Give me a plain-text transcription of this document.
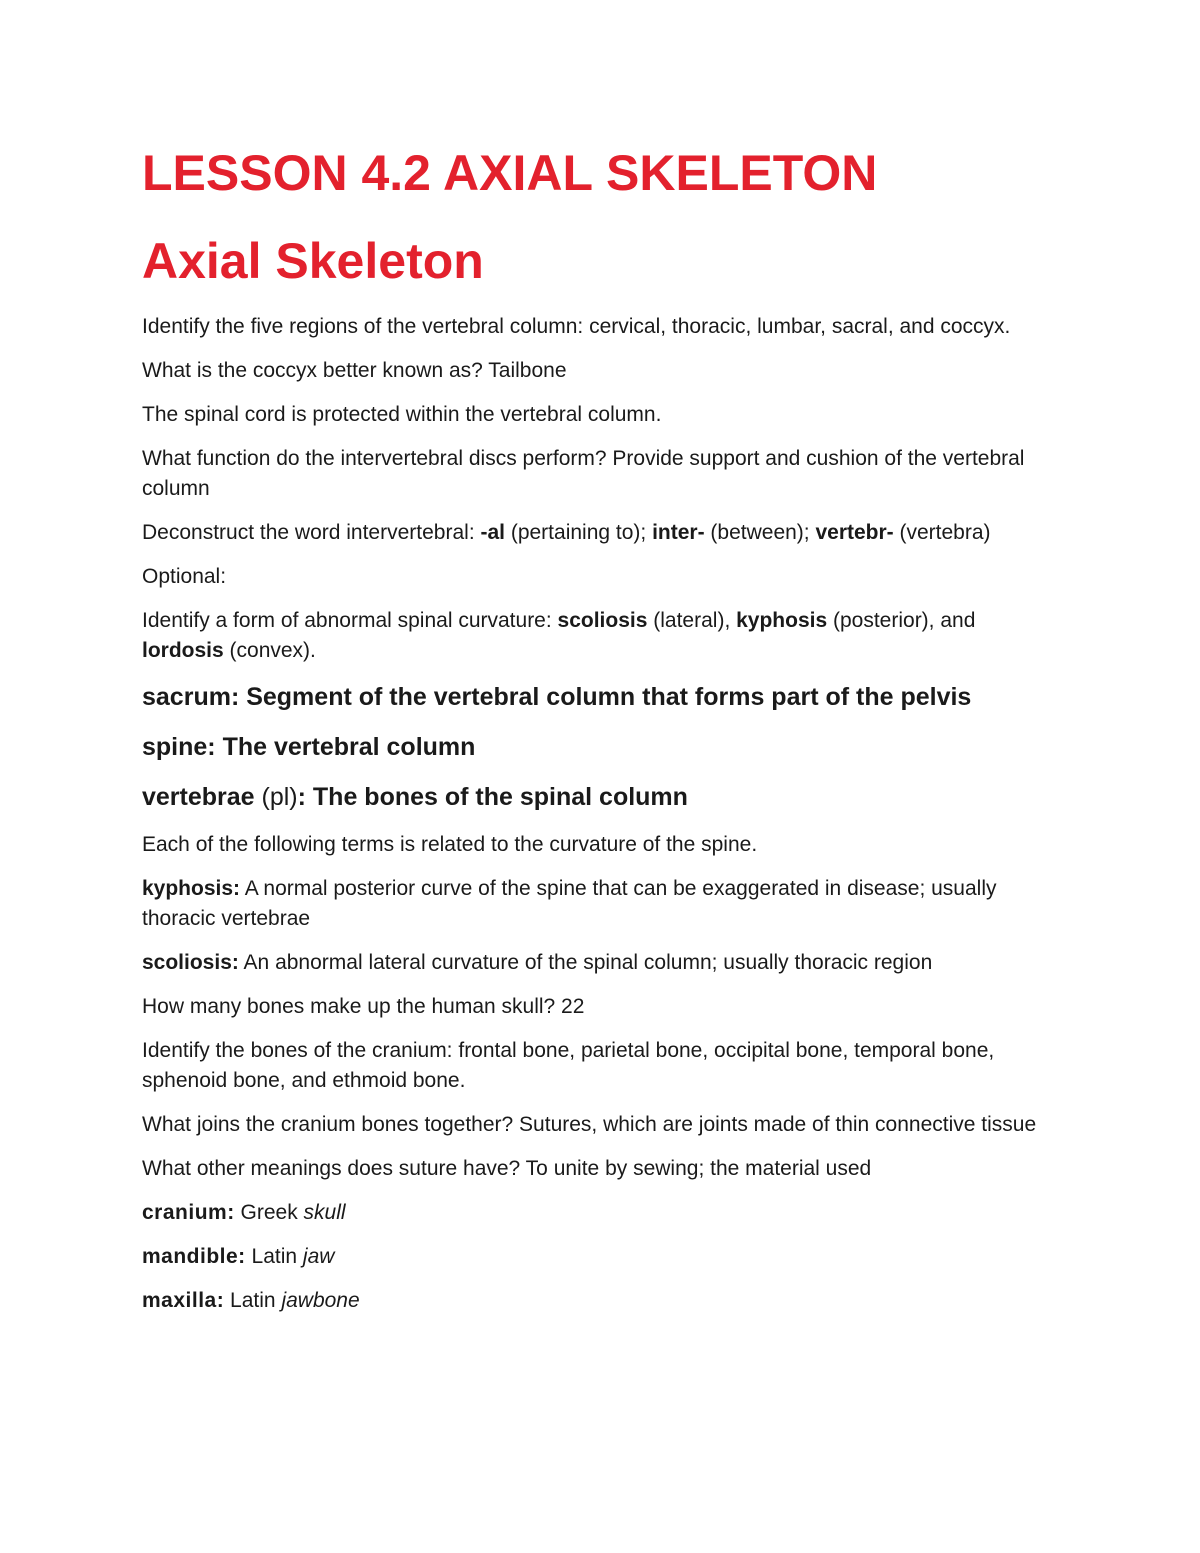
LESSON 4.2 AXIAL SKELETON
Axial Skeleton

Identify the five regions of the vertebral column: cervical, thoracic, lumbar, sacral, and coccyx.

What is the coccyx better known as? Tailbone

The spinal cord is protected within the vertebral column.

What function do the intervertebral discs perform? Provide support and cushion of the vertebral column

Deconstruct the word intervertebral: -al (pertaining to); inter- (between); vertebr- (vertebra)

Optional:

Identify a form of abnormal spinal curvature: scoliosis (lateral), kyphosis (posterior), and lordosis (convex).

sacrum: Segment of the vertebral column that forms part of the pelvis

spine: The vertebral column

vertebrae (pl): The bones of the spinal column

Each of the following terms is related to the curvature of the spine.

kyphosis: A normal posterior curve of the spine that can be exaggerated in disease; usually thoracic vertebrae

scoliosis: An abnormal lateral curvature of the spinal column; usually thoracic region

How many bones make up the human skull? 22

Identify the bones of the cranium: frontal bone, parietal bone, occipital bone, temporal bone, sphenoid bone, and ethmoid bone.

What joins the cranium bones together? Sutures, which are joints made of thin connective tissue

What other meanings does suture have? To unite by sewing; the material used

cranium: Greek skull

mandible: Latin jaw

maxilla: Latin jawbone
